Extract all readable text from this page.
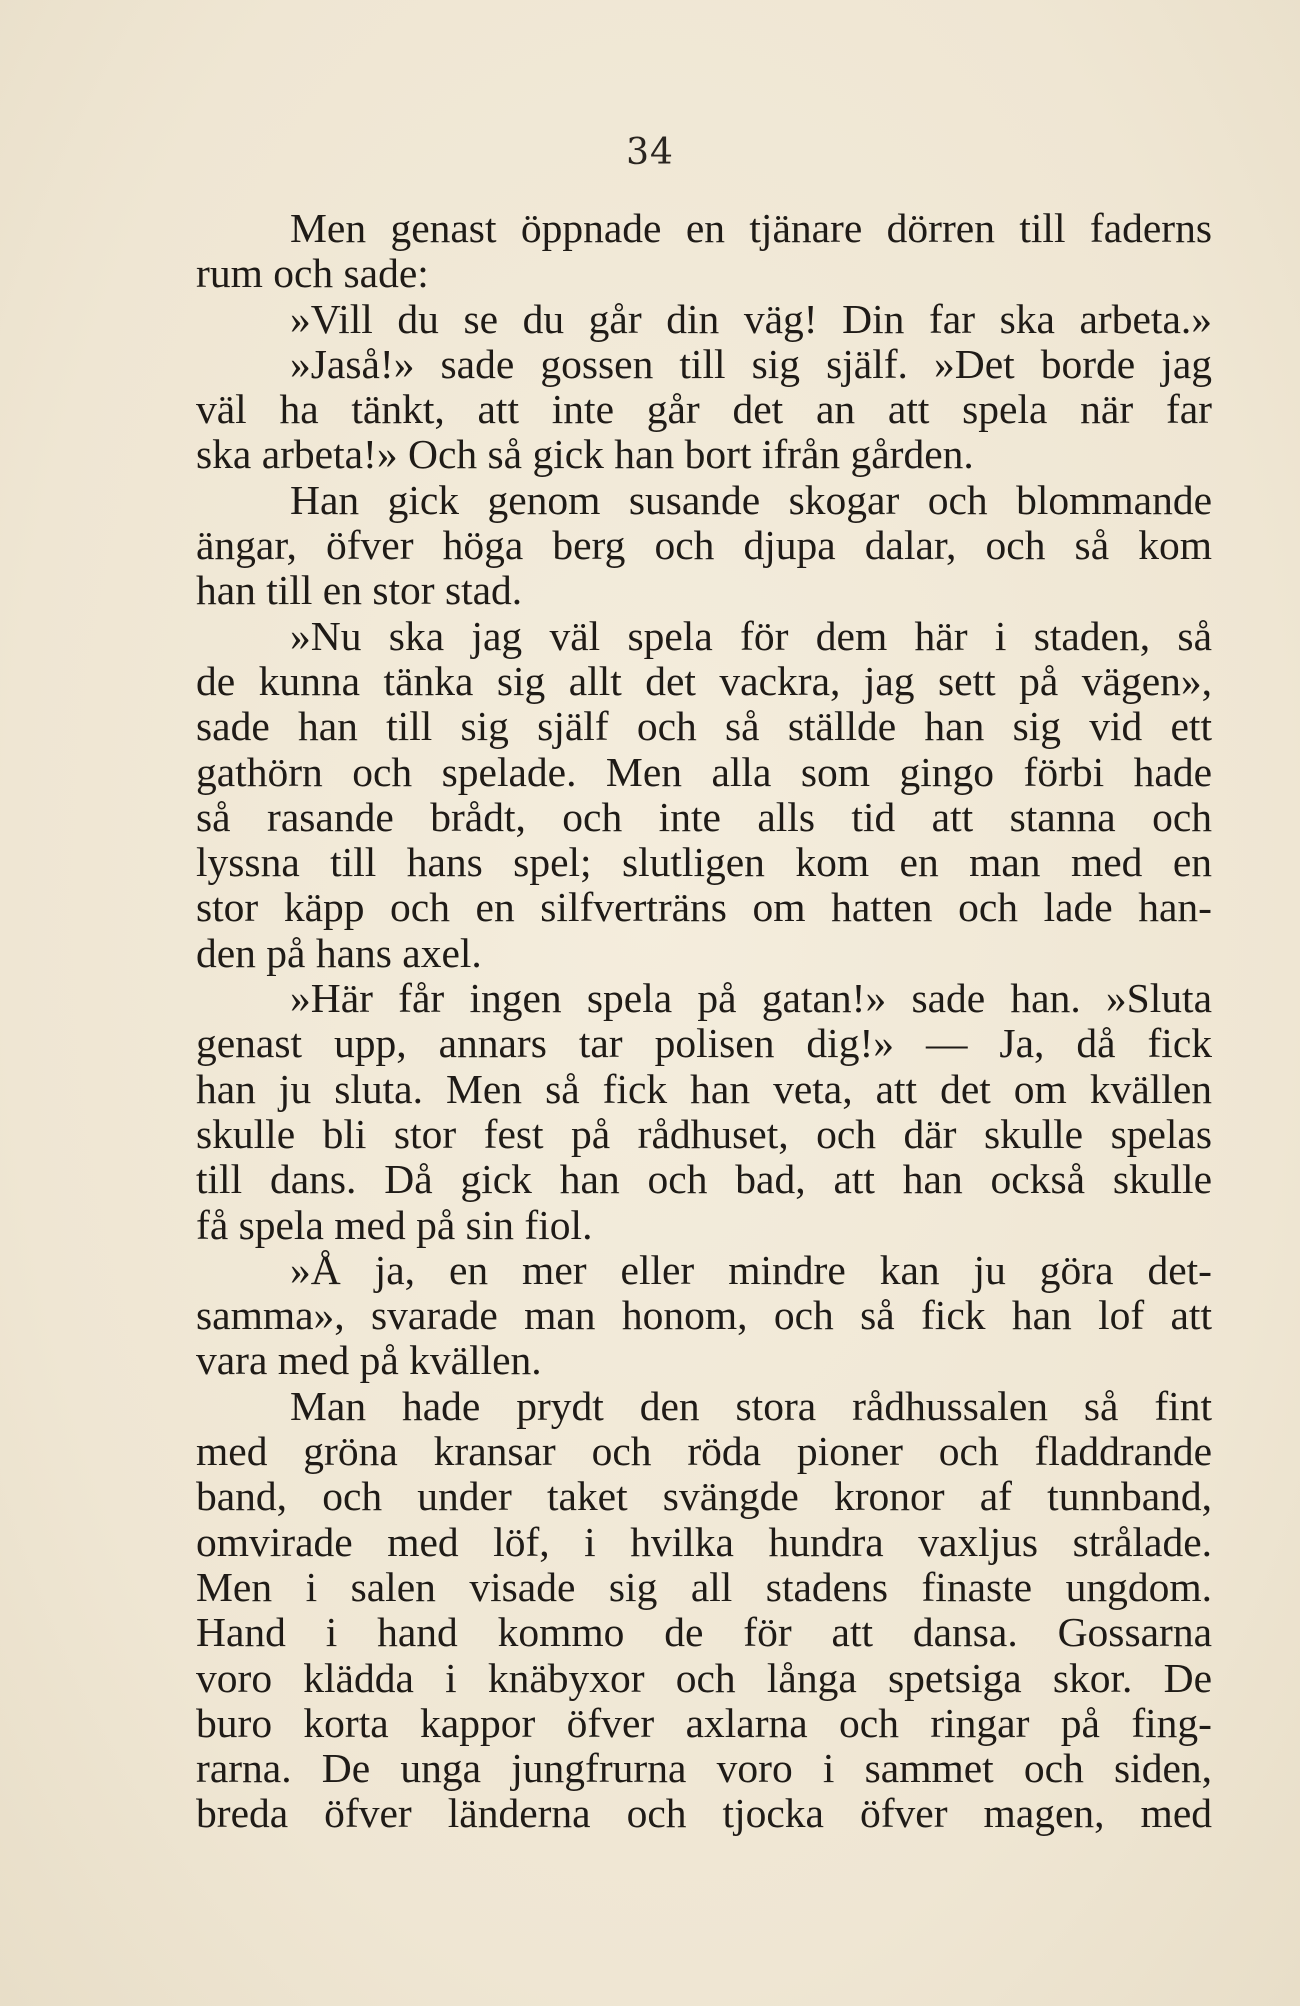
34
Men genast öppnade en tjänare dörren till faderns
rum och sade:
»Vill du se du går din väg! Din far ska arbeta.»
»Jaså!» sade gossen till sig själf. »Det borde jag
väl ha tänkt, att inte går det an att spela när far
ska arbeta!» Och så gick han bort ifrån gården.
Han gick genom susande skogar och blommande
ängar, öfver höga berg och djupa dalar, och så kom
han till en stor stad.
»Nu ska jag väl spela för dem här i staden, så
de kunna tänka sig allt det vackra, jag sett på vägen»,
sade han till sig själf och så ställde han sig vid ett
gathörn och spelade. Men alla som gingo förbi hade
så rasande brådt, och inte alls tid att stanna och
lyssna till hans spel; slutligen kom en man med en
stor käpp och en silfverträns om hatten och lade han-
den på hans axel.
»Här får ingen spela på gatan!» sade han. »Sluta
genast upp, annars tar polisen dig!» — Ja, då fick
han ju sluta. Men så fick han veta, att det om kvällen
skulle bli stor fest på rådhuset, och där skulle spelas
till dans. Då gick han och bad, att han också skulle
få spela med på sin fiol.
»Å ja, en mer eller mindre kan ju göra det-
samma», svarade man honom, och så fick han lof att
vara med på kvällen.
Man hade prydt den stora rådhussalen så fint
med gröna kransar och röda pioner och fladdrande
band, och under taket svängde kronor af tunnband,
omvirade med löf, i hvilka hundra vaxljus strålade.
Men i salen visade sig all stadens finaste ungdom.
Hand i hand kommo de för att dansa. Gossarna
voro klädda i knäbyxor och långa spetsiga skor. De
buro korta kappor öfver axlarna och ringar på fing-
rarna. De unga jungfrurna voro i sammet och siden,
breda öfver länderna och tjocka öfver magen, med
